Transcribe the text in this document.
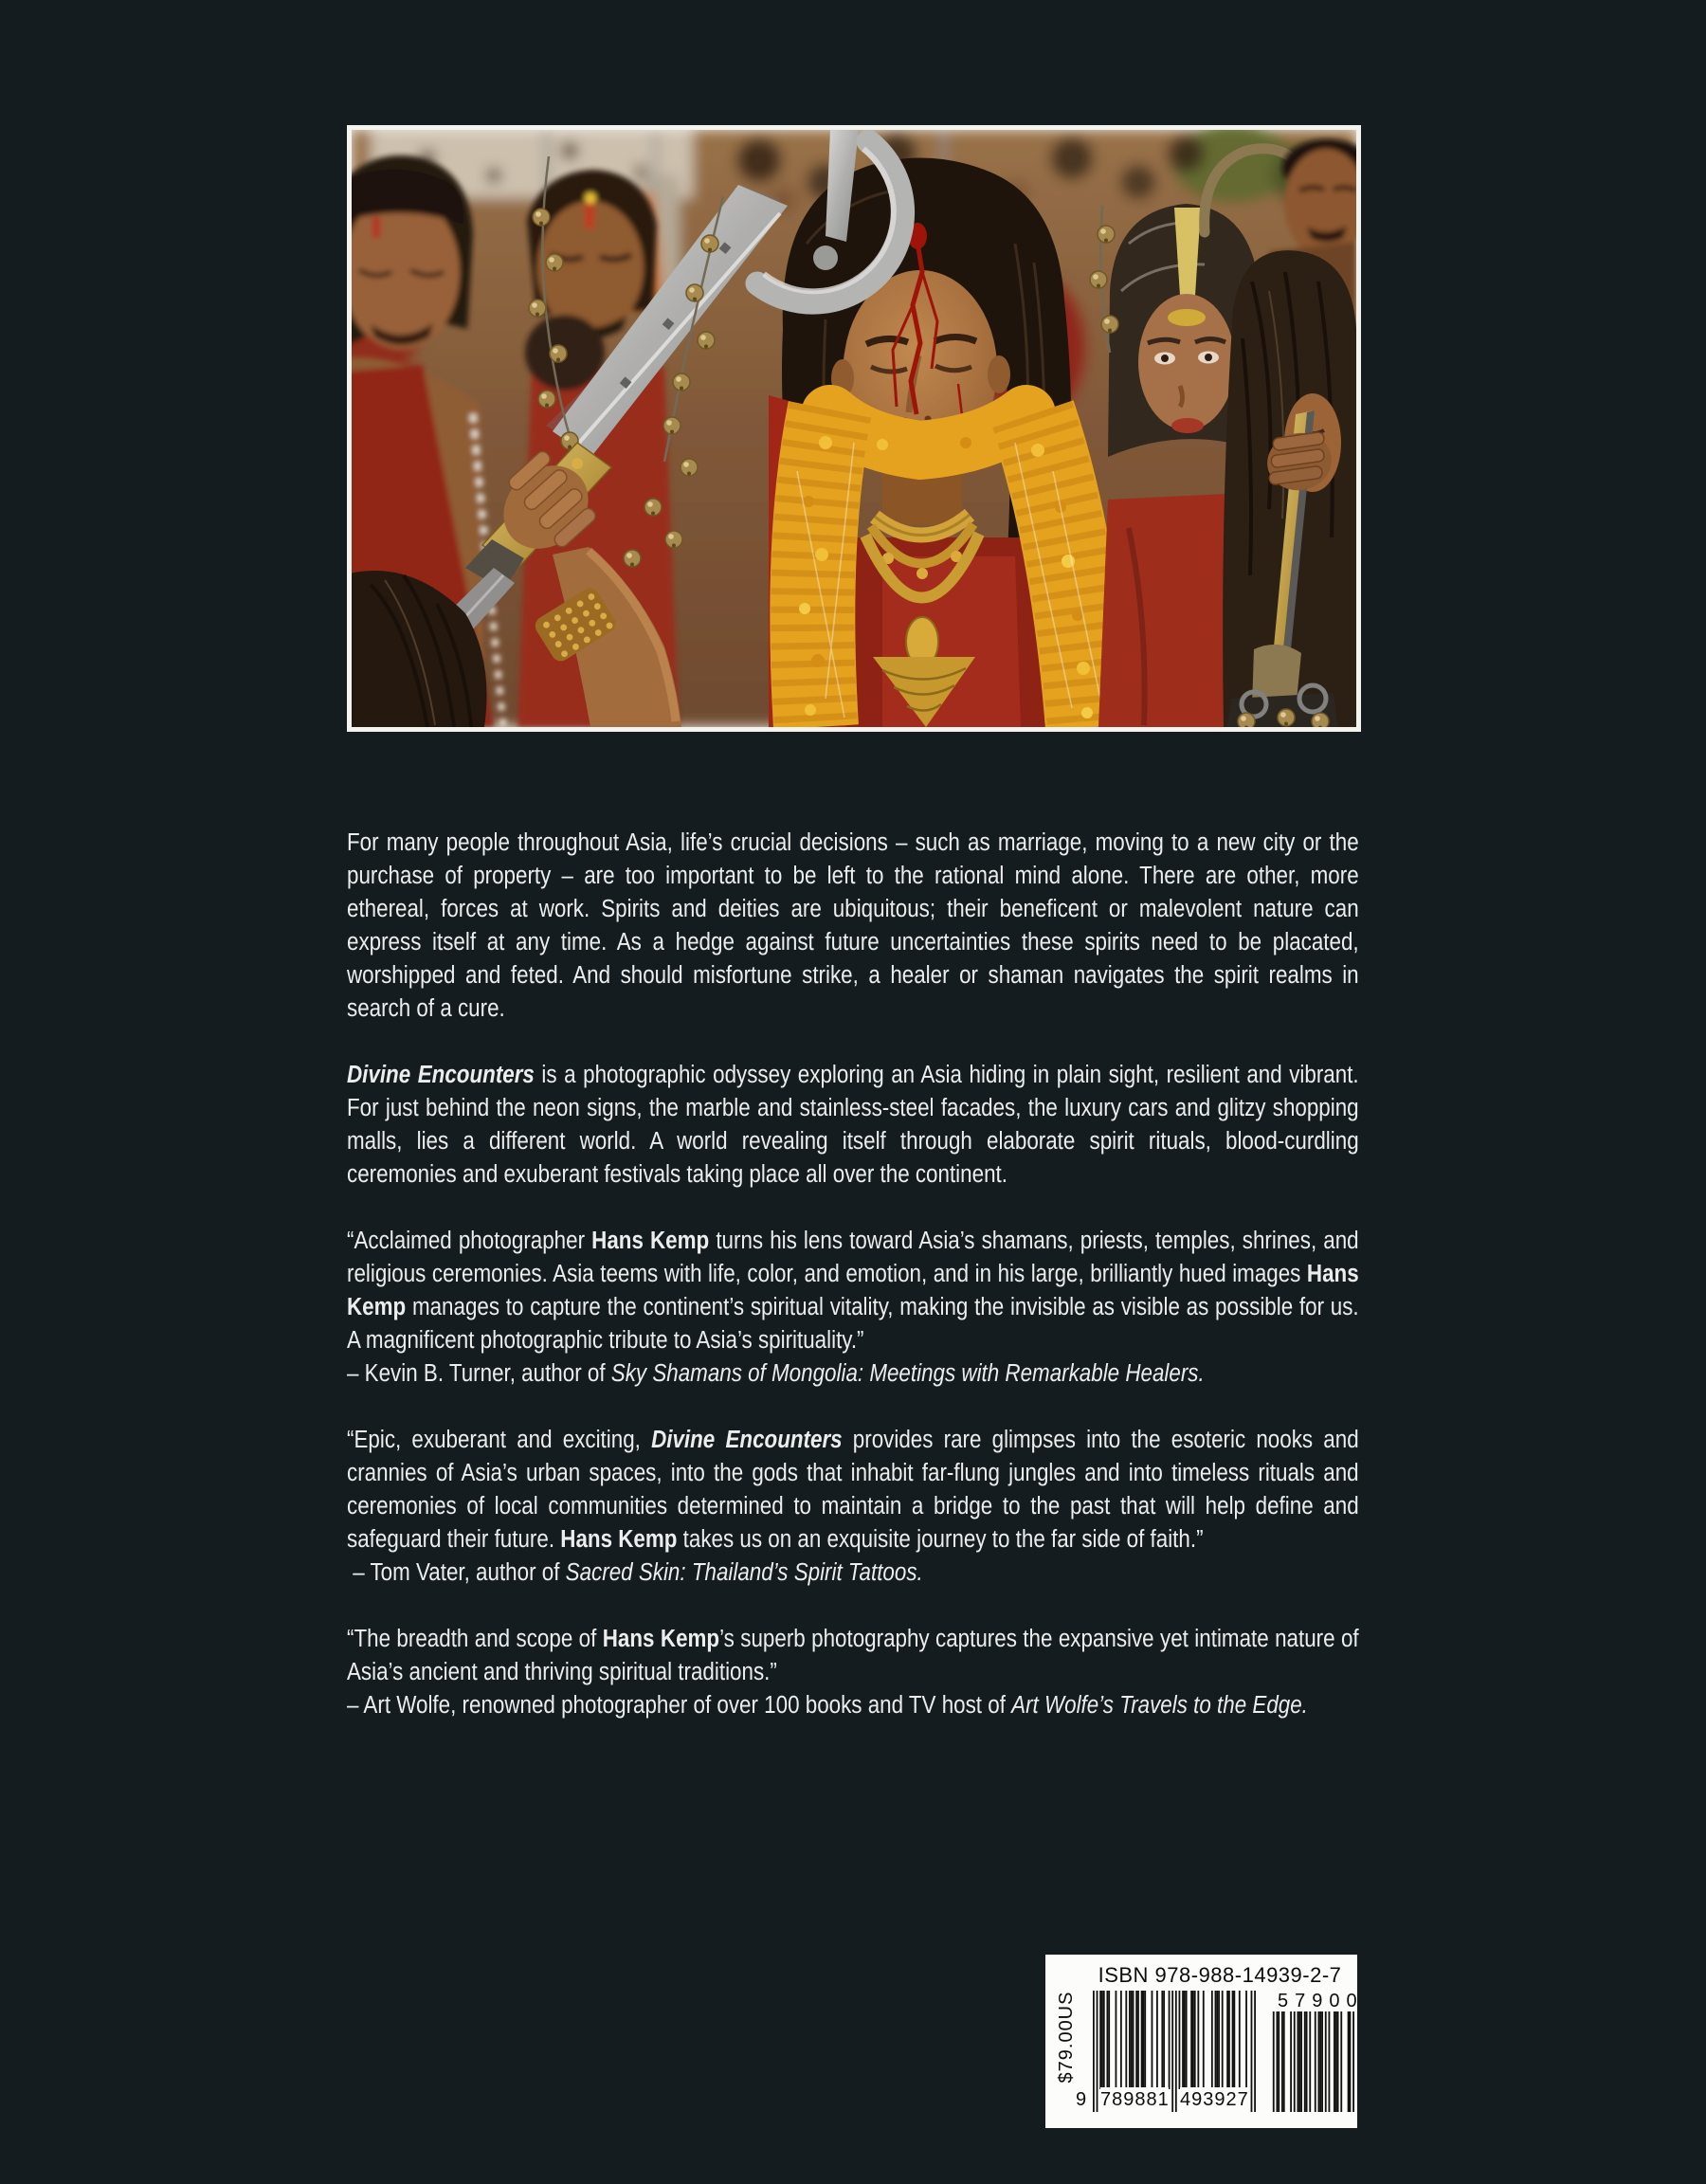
For many people throughout Asia, life’s crucial decisions – such as marriage, moving to a new city or the purchase of property – are too important to be left to the rational mind alone. There are other, more ethereal, forces at work. Spirits and deities are ubiquitous; their beneficent or malevolent nature can express itself at any time. As a hedge against future uncertainties these spirits need to be placated, worshipped and feted. And should misfortune strike, a healer or shaman navigates the spirit realms in search of a cure.

Divine Encounters is a photographic odyssey exploring an Asia hiding in plain sight, resilient and vibrant. For just behind the neon signs, the marble and stainless-steel facades, the luxury cars and glitzy shopping malls, lies a different world. A world revealing itself through elaborate spirit rituals, blood-curdling ceremonies and exuberant festivals taking place all over the continent.

“Acclaimed photographer Hans Kemp turns his lens toward Asia’s shamans, priests, temples, shrines, and religious ceremonies. Asia teems with life, color, and emotion, and in his large, brilliantly hued images Hans Kemp manages to capture the continent’s spiritual vitality, making the invisible as visible as possible for us. A magnificent photographic tribute to Asia’s spirituality.”
– Kevin B. Turner, author of Sky Shamans of Mongolia: Meetings with Remarkable Healers.

“Epic, exuberant and exciting, Divine Encounters provides rare glimpses into the esoteric nooks and crannies of Asia’s urban spaces, into the gods that inhabit far-flung jungles and into timeless rituals and ceremonies of local communities determined to maintain a bridge to the past that will help define and safeguard their future. Hans Kemp takes us on an exquisite journey to the far side of faith.”
– Tom Vater, author of Sacred Skin: Thailand’s Spirit Tattoos.

“The breadth and scope of Hans Kemp’s superb photography captures the expansive yet intimate nature of Asia’s ancient and thriving spiritual traditions.”
– Art Wolfe, renowned photographer of over 100 books and TV host of Art Wolfe’s Travels to the Edge.

$79.00US
ISBN 978-988-14939-2-7
9 789881 493927
57900
